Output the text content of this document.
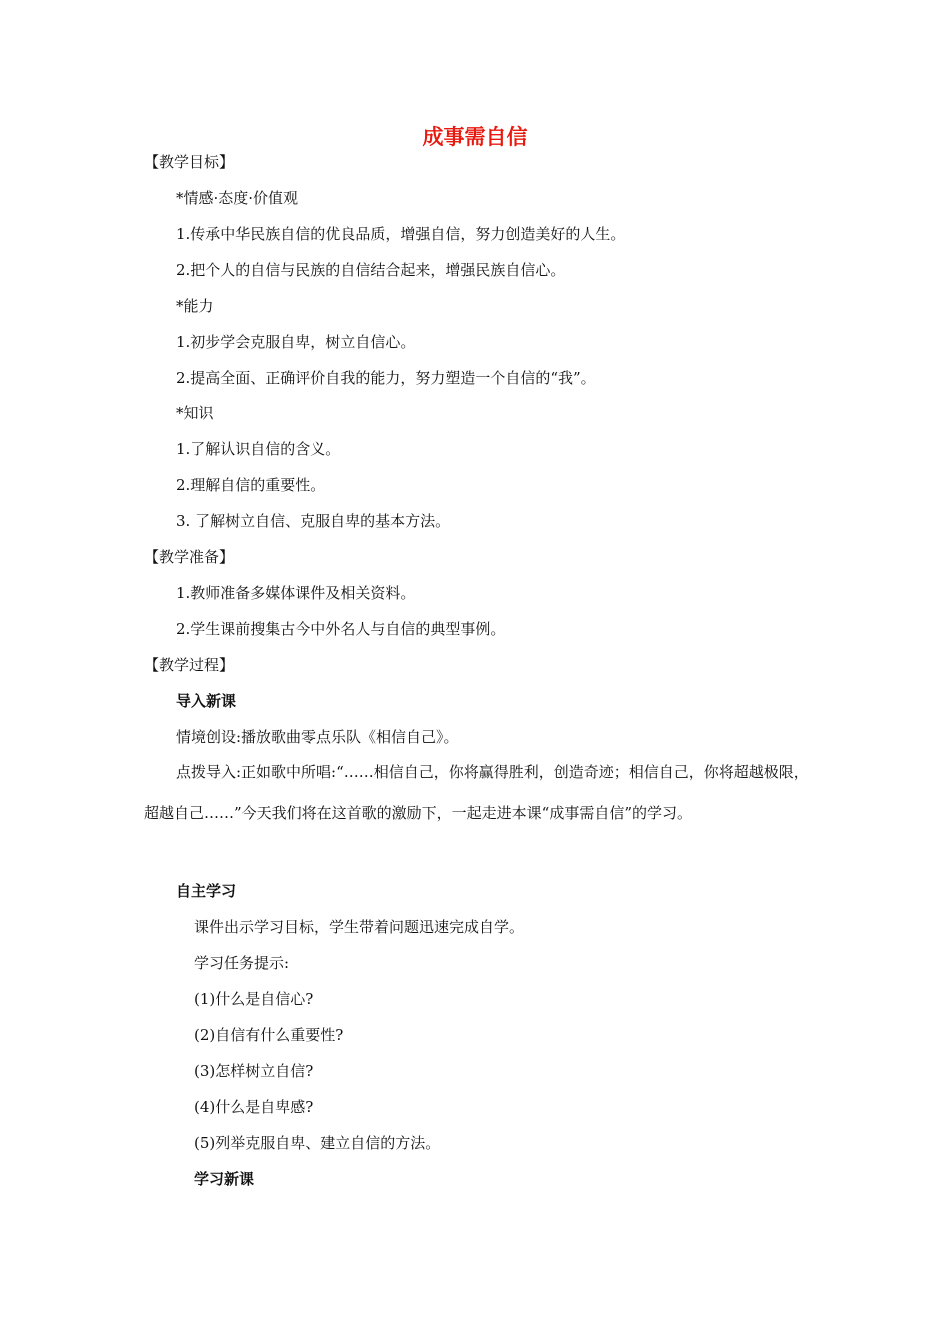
成事需自信
【教学目标】
*情感·态度·价值观
1.传承中华民族自信的优良品质，增强自信，努力创造美好的人生。
2.把个人的自信与民族的自信结合起来，增强民族自信心。
*能力
1.初步学会克服自卑，树立自信心。
2.提高全面、正确评价自我的能力，努力塑造一个自信的“我”。
*知识
1.了解认识自信的含义。
2.理解自信的重要性。
3. 了解树立自信、克服自卑的基本方法。
【教学准备】
1.教师准备多媒体课件及相关资料。
2.学生课前搜集古今中外名人与自信的典型事例。
【教学过程】
导入新课
情境创设:播放歌曲零点乐队《相信自己》。
点拨导入:正如歌中所唱:“……相信自己，你将赢得胜利，创造奇迹；相信自己，你将超越极限，超越自己……”今天我们将在这首歌的激励下，一起走进本课“成事需自信”的学习。
自主学习
课件出示学习目标，学生带着问题迅速完成自学。
学习任务提示:
(1)什么是自信心?
(2)自信有什么重要性?
(3)怎样树立自信?
(4)什么是自卑感?
(5)列举克服自卑、建立自信的方法。
学习新课
